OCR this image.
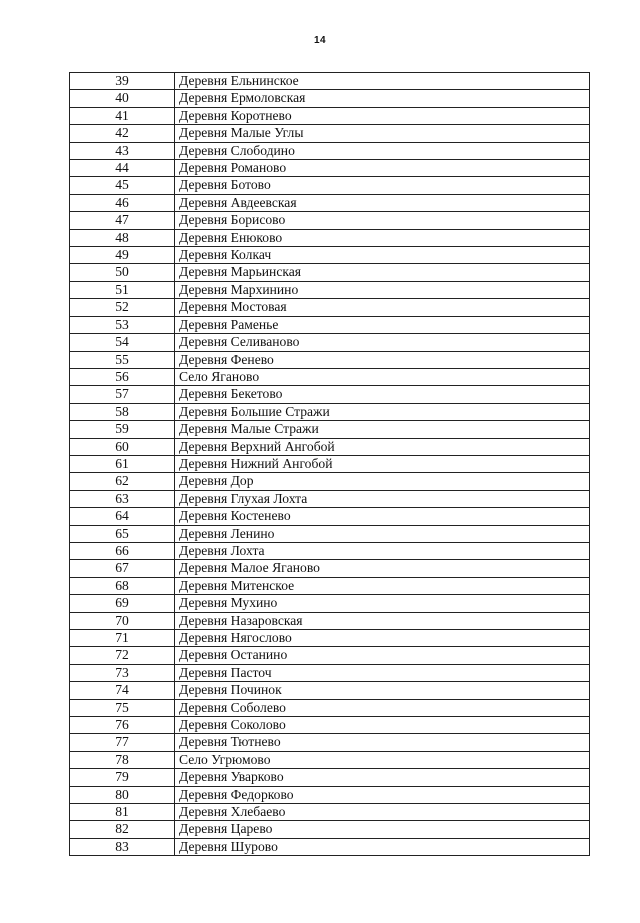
14
39	Деревня Ельнинское
40	Деревня Ермоловская
41	Деревня Коротнево
42	Деревня Малые Углы
43	Деревня Слободино
44	Деревня Романово
45	Деревня Ботово
46	Деревня Авдеевская
47	Деревня Борисово
48	Деревня Енюково
49	Деревня Колкач
50	Деревня Марьинская
51	Деревня Мархинино
52	Деревня Мостовая
53	Деревня Раменье
54	Деревня Селиваново
55	Деревня Фенево
56	Село Яганово
57	Деревня Бекетово
58	Деревня Большие Стражи
59	Деревня Малые Стражи
60	Деревня Верхний Ангобой
61	Деревня Нижний Ангобой
62	Деревня Дор
63	Деревня Глухая Лохта
64	Деревня Костенево
65	Деревня Ленино
66	Деревня Лохта
67	Деревня Малое Яганово
68	Деревня Митенское
69	Деревня Мухино
70	Деревня Назаровская
71	Деревня Нягослово
72	Деревня Останино
73	Деревня Пасточ
74	Деревня Починок
75	Деревня Соболево
76	Деревня Соколово
77	Деревня Тютнево
78	Село Угрюмово
79	Деревня Уварково
80	Деревня Федорково
81	Деревня Хлебаево
82	Деревня Царево
83	Деревня Шурово
